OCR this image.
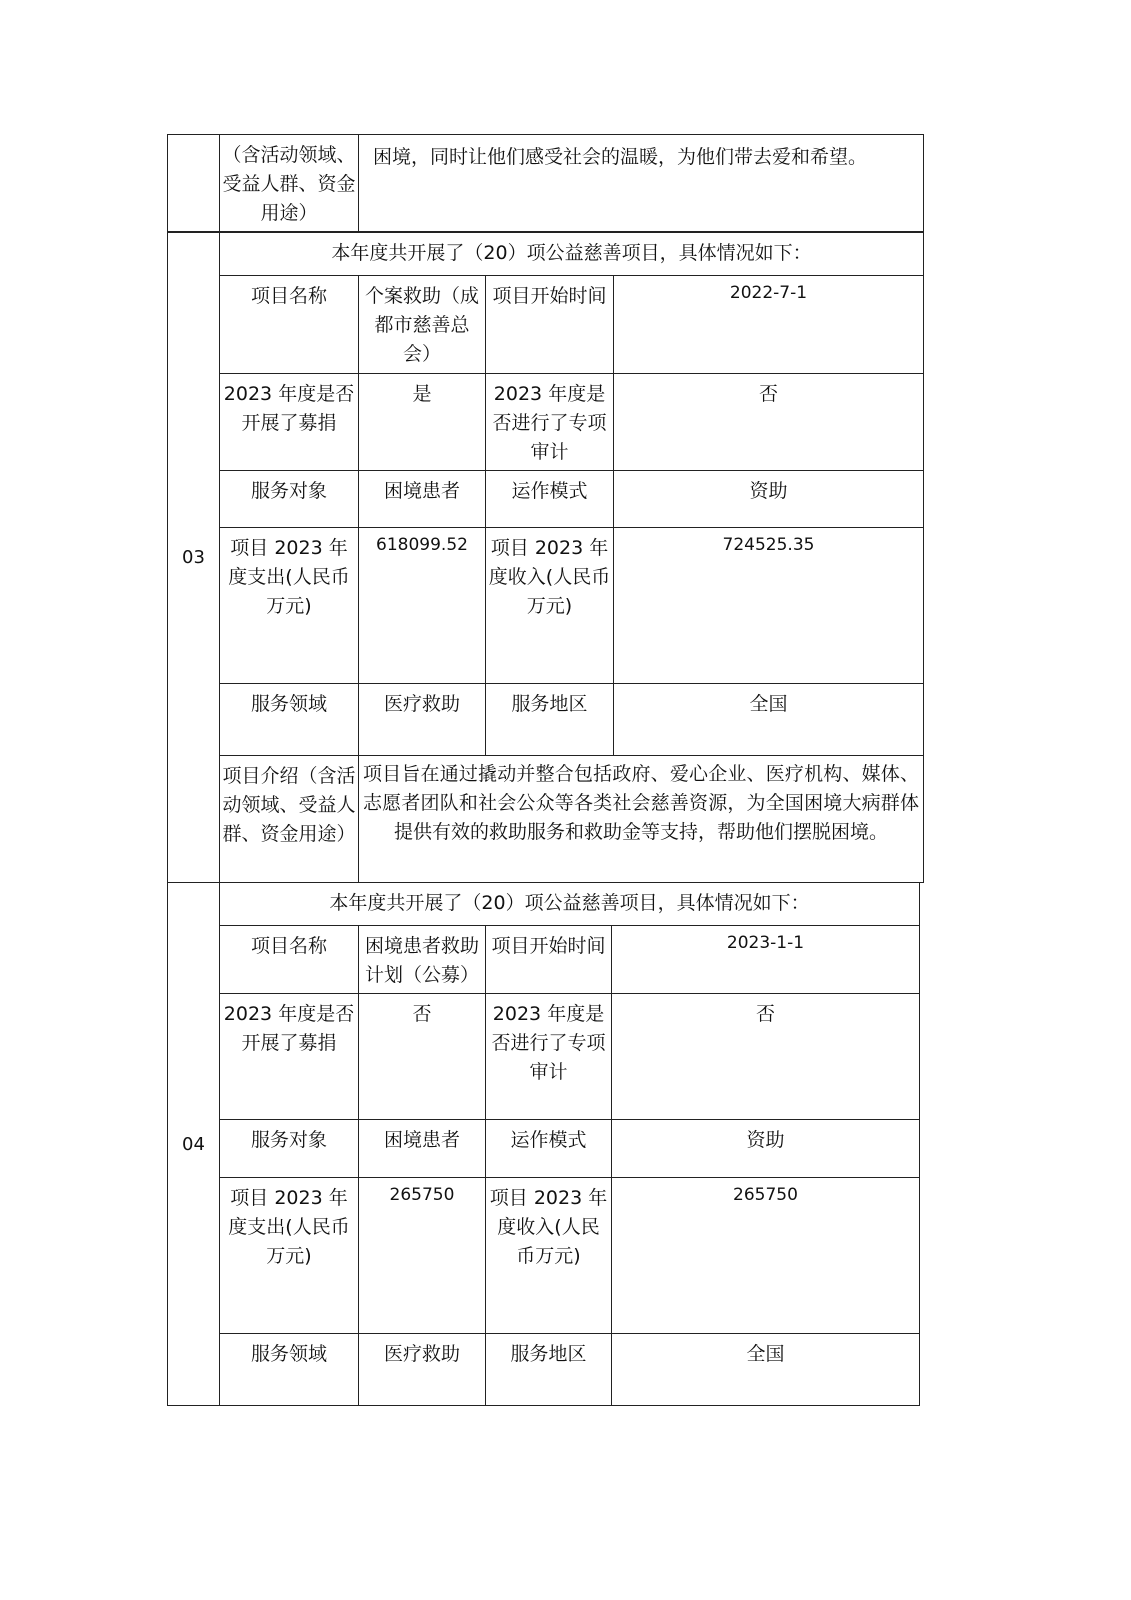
	（含活动领域、受益人群、资金用途）	困境，同时让他们感受社会的温暖，为他们带去爱和希望。
03	本年度共开展了（20）项公益慈善项目，具体情况如下：			
	项目名称	个案救助（成都市慈善总会）	项目开始时间	2022-7-1
	2023 年度是否开展了募捐	是	2023 年度是否进行了专项审计	否
	服务对象	困境患者	运作模式	资助
	项目 2023 年度支出(人民币万元)	618099.52	项目 2023 年度收入(人民币万元)	724525.35
	服务领域	医疗救助	服务地区	全国
	项目介绍（含活动领域、受益人群、资金用途）	项目旨在通过撬动并整合包括政府、爱心企业、医疗机构、媒体、志愿者团队和社会公众等各类社会慈善资源，为全国困境大病群体提供有效的救助服务和救助金等支持，帮助他们摆脱困境。		
04	本年度共开展了（20）项公益慈善项目，具体情况如下：			
	项目名称	困境患者救助计划（公募）	项目开始时间	2023-1-1
	2023 年度是否开展了募捐	否	2023 年度是否进行了专项审计	否
	服务对象	困境患者	运作模式	资助
	项目 2023 年度支出(人民币万元)	265750	项目 2023 年度收入(人民币万元)	265750
	服务领域	医疗救助	服务地区	全国
